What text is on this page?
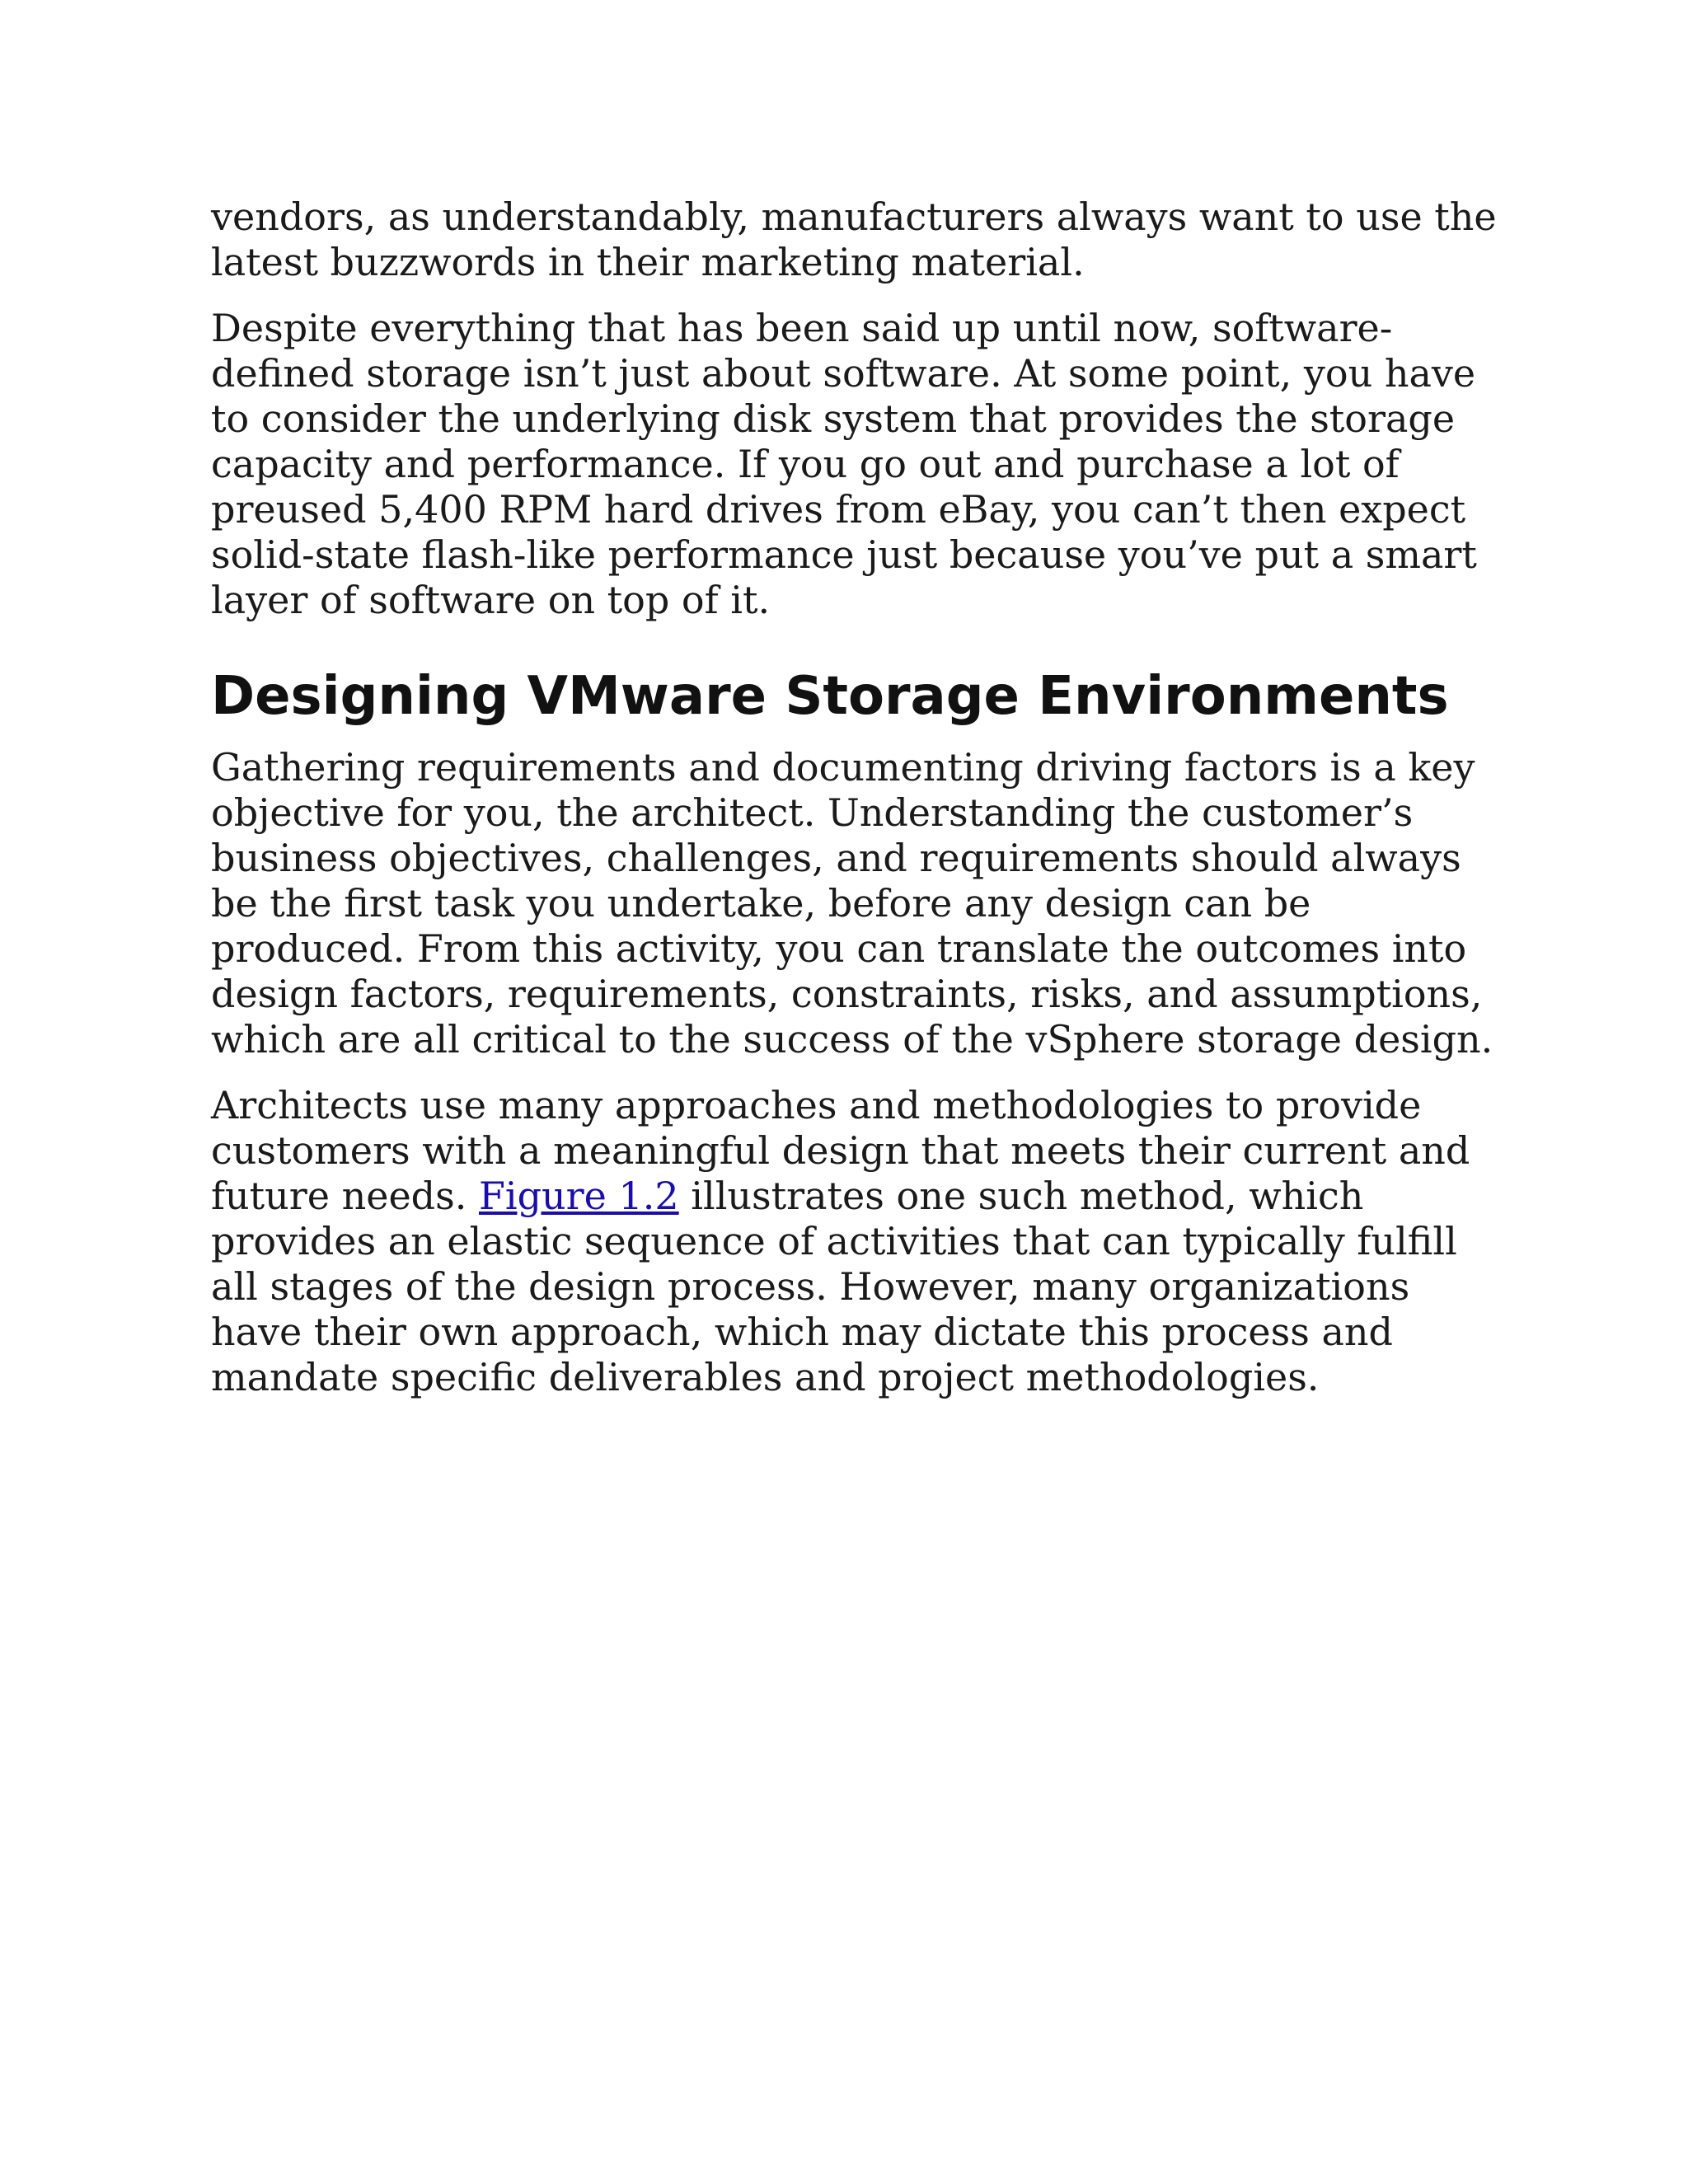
vendors, as understandably, manufacturers always want to use the latest buzzwords in their marketing material.

Despite everything that has been said up until now, software-defined storage isn’t just about software. At some point, you have to consider the underlying disk system that provides the storage capacity and performance. If you go out and purchase a lot of preused 5,400 RPM hard drives from eBay, you can’t then expect solid-state flash-like performance just because you’ve put a smart layer of software on top of it.

Designing VMware Storage Environments

Gathering requirements and documenting driving factors is a key objective for you, the architect. Understanding the customer’s business objectives, challenges, and requirements should always be the first task you undertake, before any design can be produced. From this activity, you can translate the outcomes into design factors, requirements, constraints, risks, and assumptions, which are all critical to the success of the vSphere storage design.

Architects use many approaches and methodologies to provide customers with a meaningful design that meets their current and future needs. Figure 1.2 illustrates one such method, which provides an elastic sequence of activities that can typically fulfill all stages of the design process. However, many organizations have their own approach, which may dictate this process and mandate specific deliverables and project methodologies.
